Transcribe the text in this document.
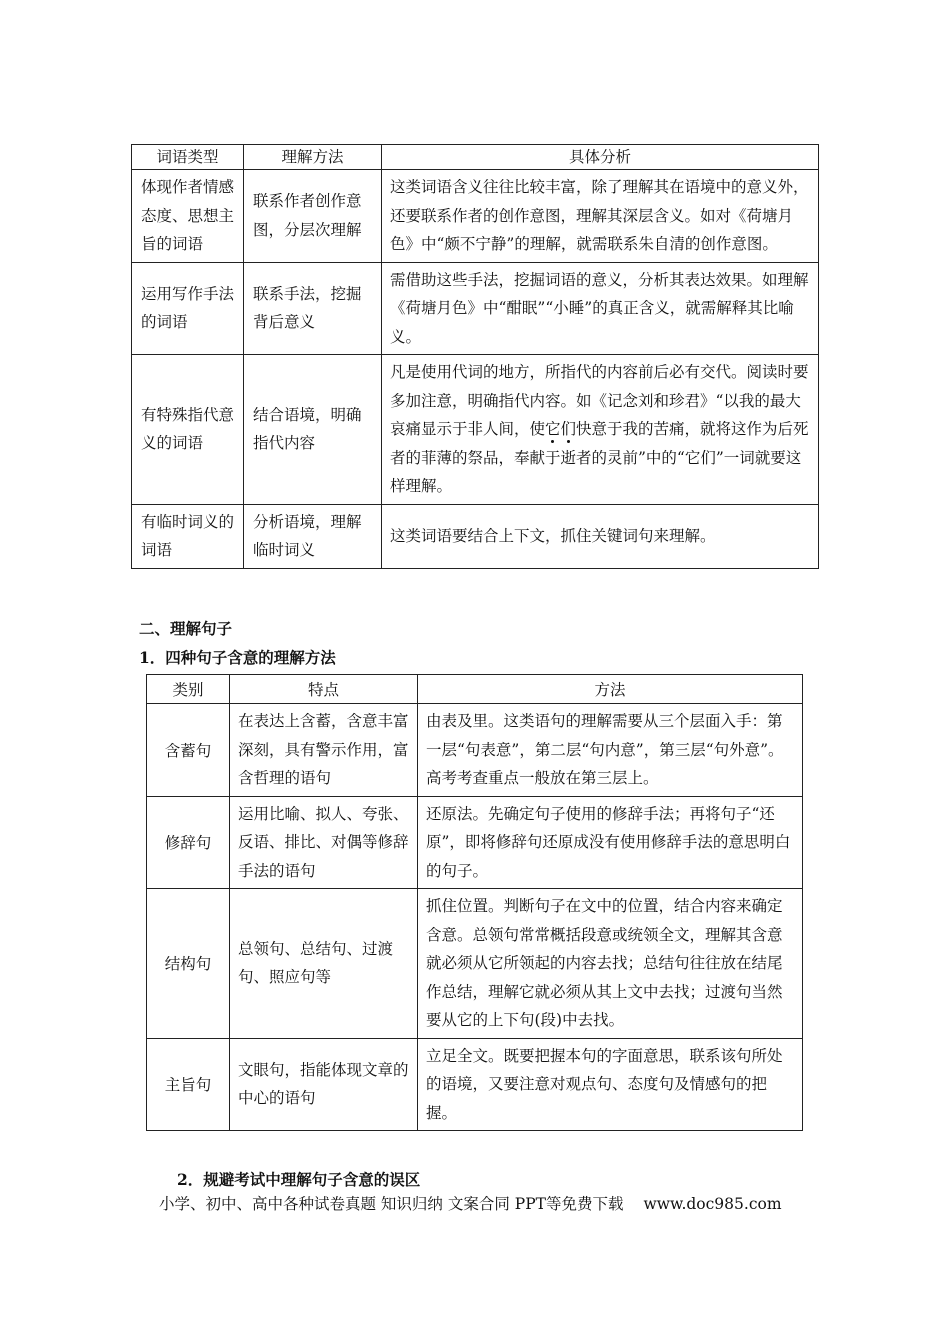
词语类型	理解方法	具体分析
体现作者情感态度、思想主旨的词语	联系作者创作意图，分层次理解	这类词语含义往往比较丰富，除了理解其在语境中的意义外，还要联系作者的创作意图，理解其深层含义。如对《荷塘月色》中“颇不宁静”的理解，就需联系朱自清的创作意图。
运用写作手法的词语	联系手法，挖掘背后意义	需借助这些手法，挖掘词语的意义，分析其表达效果。如理解《荷塘月色》中“酣眠”“小睡”的真正含义，就需解释其比喻义。
有特殊指代意义的词语	结合语境，明确指代内容	凡是使用代词的地方，所指代的内容前后必有交代。阅读时要多加注意，明确指代内容。如《记念刘和珍君》“以我的最大哀痛显示于非人间，使它们快意于我的苦痛，就将这作为后死者的菲薄的祭品，奉献于逝者的灵前”中的“它们”一词就要这样理解。
有临时词义的词语	分析语境，理解临时词义	这类词语要结合上下文，抓住关键词句来理解。
二、理解句子
1．四种句子含意的理解方法
类别	特点	方法
含蓄句	在表达上含蓄，含意丰富深刻，具有警示作用，富含哲理的语句	由表及里。这类语句的理解需要从三个层面入手：第一层“句表意”，第二层“句内意”，第三层“句外意”。高考考查重点一般放在第三层上。
修辞句	运用比喻、拟人、夸张、反语、排比、对偶等修辞手法的语句	还原法。先确定句子使用的修辞手法；再将句子“还原”，即将修辞句还原成没有使用修辞手法的意思明白的句子。
结构句	总领句、总结句、过渡句、照应句等	抓住位置。判断句子在文中的位置，结合内容来确定含意。总领句常常概括段意或统领全文，理解其含意就必须从它所领起的内容去找；总结句往往放在结尾作总结，理解它就必须从其上文中去找；过渡句当然要从它的上下句(段)中去找。
主旨句	文眼句，指能体现文章的中心的语句	立足全文。既要把握本句的字面意思，联系该句所处的语境，又要注意对观点句、态度句及情感句的把握。
2．规避考试中理解句子含意的误区
小学、初中、高中各种试卷真题 知识归纳 文案合同 PPT等免费下载 www.doc985.com
